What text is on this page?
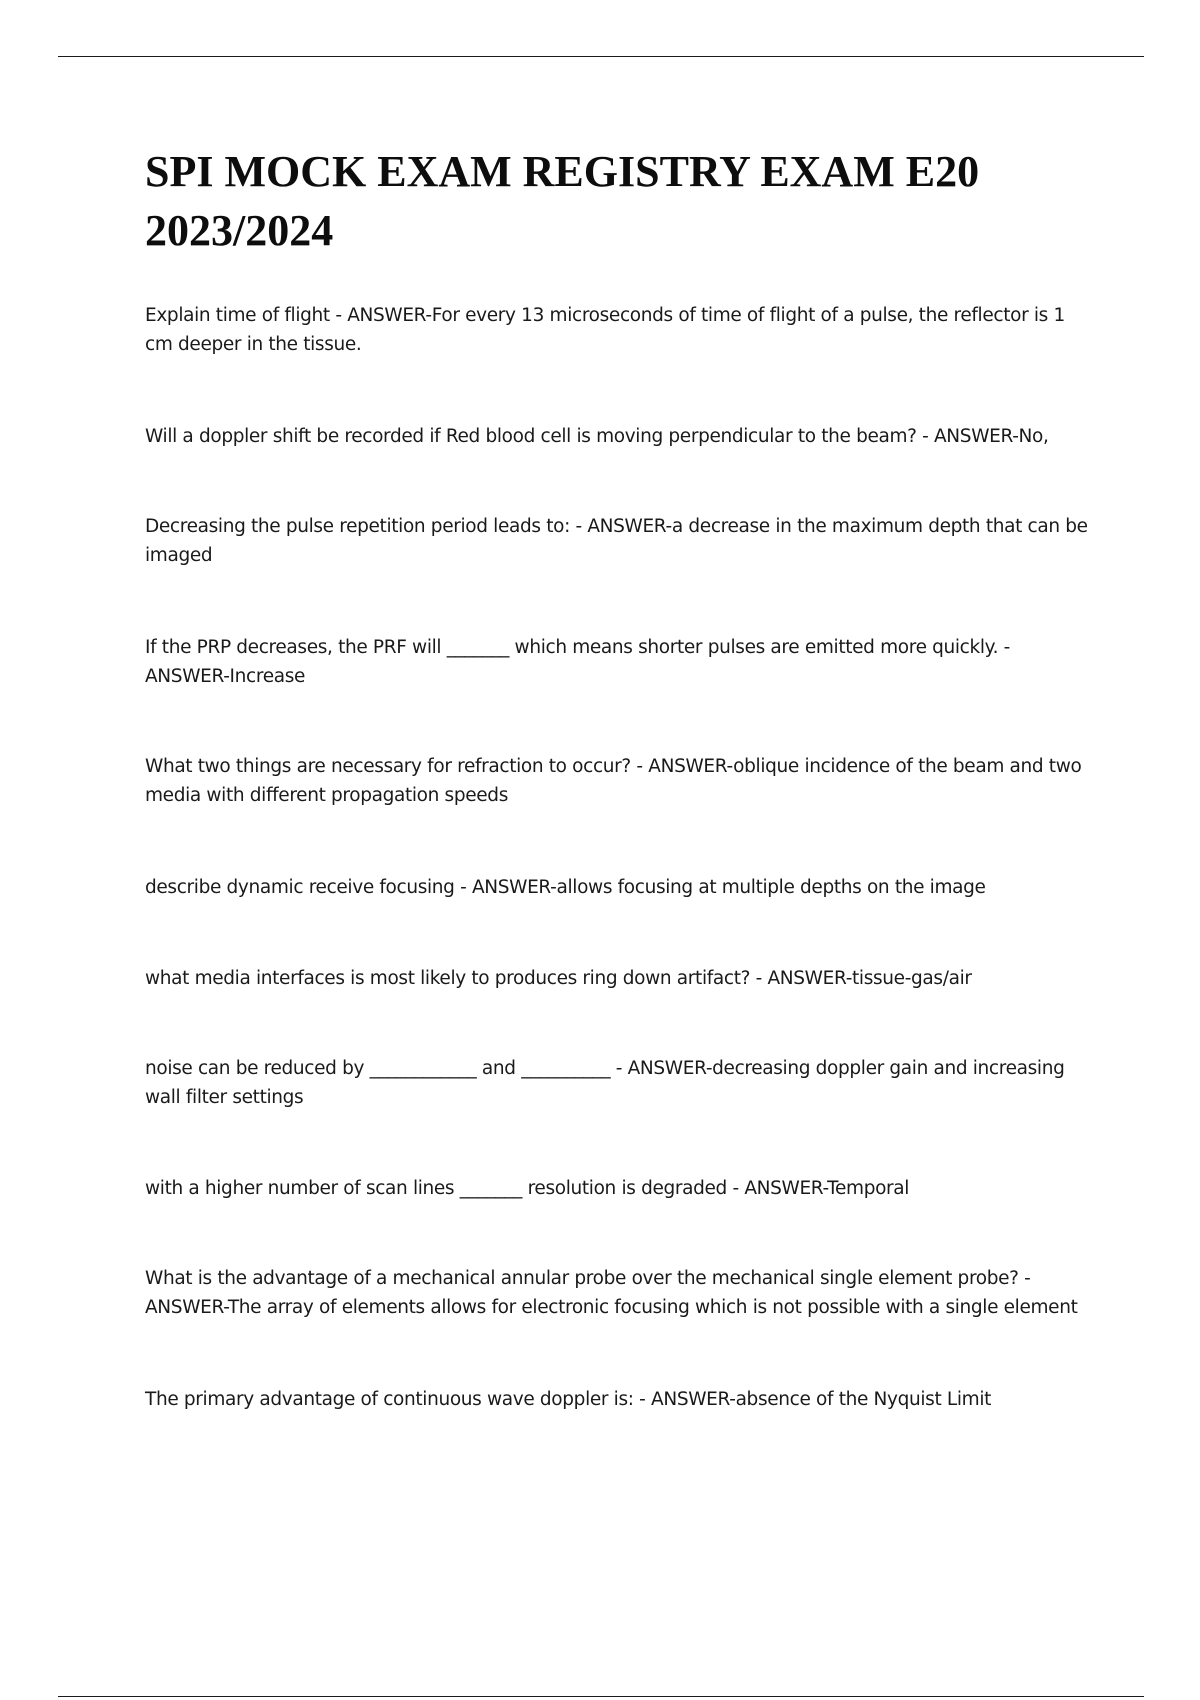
SPI MOCK EXAM REGISTRY EXAM E20 2023/2024

Explain time of flight - ANSWER-For every 13 microseconds of time of flight of a pulse, the reflector is 1 cm deeper in the tissue.

Will a doppler shift be recorded if Red blood cell is moving perpendicular to the beam? - ANSWER-No,

Decreasing the pulse repetition period leads to: - ANSWER-a decrease in the maximum depth that can be imaged

If the PRP decreases, the PRF will _______ which means shorter pulses are emitted more quickly. - ANSWER-Increase

What two things are necessary for refraction to occur? - ANSWER-oblique incidence of the beam and two media with different propagation speeds

describe dynamic receive focusing - ANSWER-allows focusing at multiple depths on the image

what media interfaces is most likely to produces ring down artifact? - ANSWER-tissue-gas/air

noise can be reduced by ____________ and __________ - ANSWER-decreasing doppler gain and increasing wall filter settings

with a higher number of scan lines _______ resolution is degraded - ANSWER-Temporal

What is the advantage of a mechanical annular probe over the mechanical single element probe? - ANSWER-The array of elements allows for electronic focusing which is not possible with a single element

The primary advantage of continuous wave doppler is: - ANSWER-absence of the Nyquist Limit
